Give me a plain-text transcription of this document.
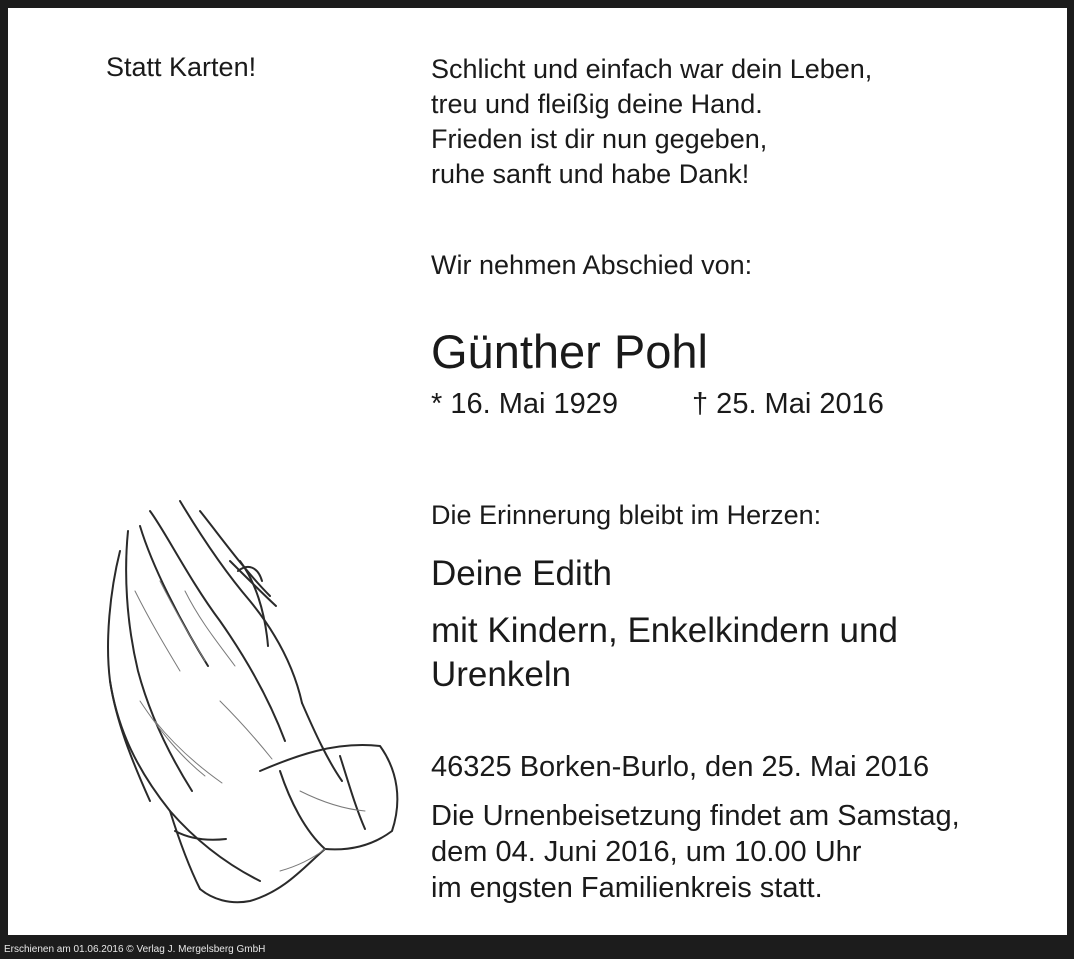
Statt Karten!	Schlicht und einfach war dein Leben,
treu und fleißig deine Hand.
Frieden ist dir nun gegeben,
ruhe sanft und habe Dank!
Wir nehmen Abschied von:
Günther Pohl
* 16. Mai 1929	† 25. Mai 2016
Die Erinnerung bleibt im Herzen:
Deine Edith
mit Kindern, Enkelkindern und
Urenkeln
46325 Borken-Burlo, den 25. Mai 2016
Die Urnenbeisetzung findet am Samstag,
dem 04. Juni 2016, um 10.00 Uhr
im engsten Familienkreis statt.
Erschienen am 01.06.2016 © Verlag J. Mergelsberg GmbH
